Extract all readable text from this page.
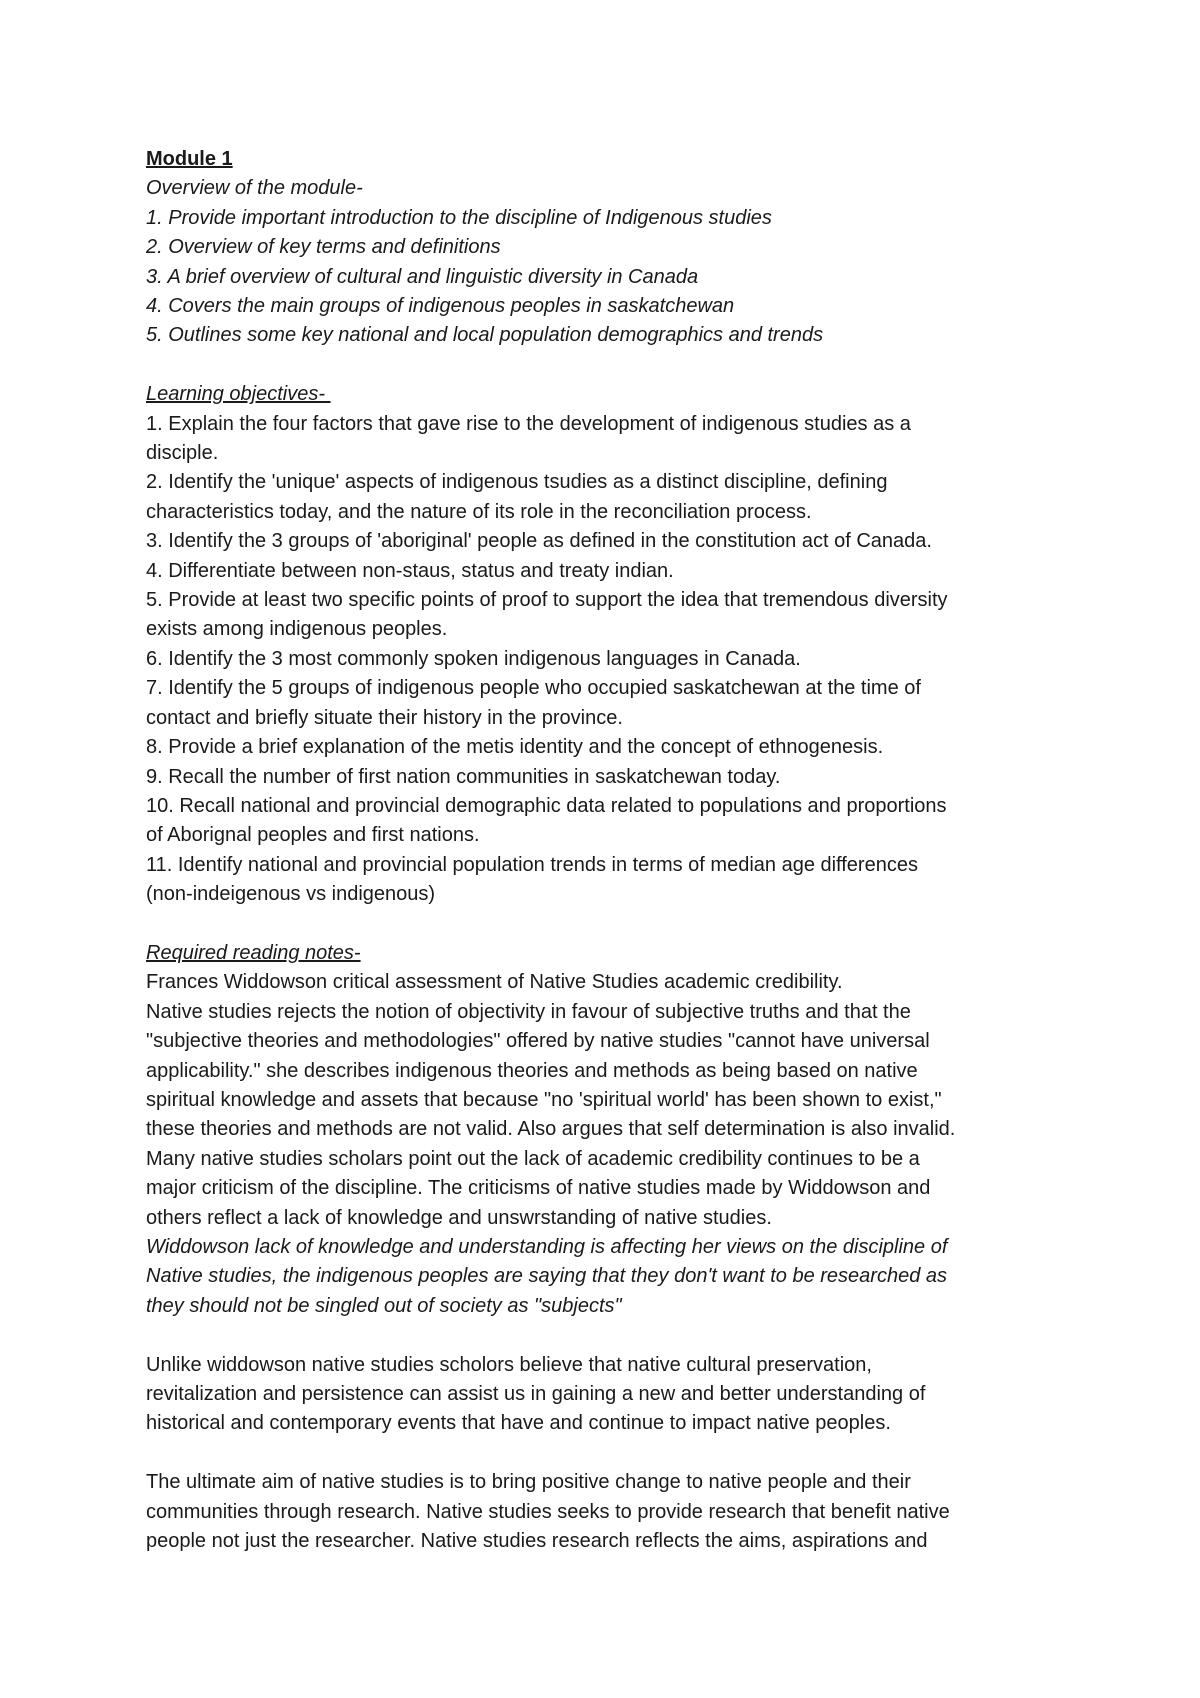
Module 1
Overview of the module-
1. Provide important introduction to the discipline of Indigenous studies
2. Overview of key terms and definitions
3. A brief overview of cultural and linguistic diversity in Canada
4. Covers the main groups of indigenous peoples in saskatchewan
5. Outlines some key national and local population demographics and trends
Learning objectives-
1. Explain the four factors that gave rise to the development of indigenous studies as a
disciple.
2. Identify the 'unique' aspects of indigenous tsudies as a distinct discipline, defining
characteristics today, and the nature of its role in the reconciliation process.
3. Identify the 3 groups of 'aboriginal' people as defined in the constitution act of Canada.
4. Differentiate between non-staus, status and treaty indian.
5. Provide at least two specific points of proof to support the idea that tremendous diversity
exists among indigenous peoples.
6. Identify the 3 most commonly spoken indigenous languages in Canada.
7. Identify the 5 groups of indigenous people who occupied saskatchewan at the time of
contact and briefly situate their history in the province.
8. Provide a brief explanation of the metis identity and the concept of ethnogenesis.
9. Recall the number of first nation communities in saskatchewan today.
10. Recall national and provincial demographic data related to populations and proportions
of Aborignal peoples and first nations.
11. Identify national and provincial population trends in terms of median age differences
(non-indeigenous vs indigenous)
Required reading notes-
Frances Widdowson critical assessment of Native Studies academic credibility.
Native studies rejects the notion of objectivity in favour of subjective truths and that the
"subjective theories and methodologies" offered by native studies "cannot have universal
applicability." she describes indigenous theories and methods as being based on native
spiritual knowledge and assets that because "no 'spiritual world' has been shown to exist,"
these theories and methods are not valid. Also argues that self determination is also invalid.
Many native studies scholars point out the lack of academic credibility continues to be a
major criticism of the discipline. The criticisms of native studies made by Widdowson and
others reflect a lack of knowledge and unswrstanding of native studies.
Widdowson lack of knowledge and understanding is affecting her views on the discipline of
Native studies, the indigenous peoples are saying that they don't want to be researched as
they should not be singled out of society as "subjects"
Unlike widdowson native studies scholors believe that native cultural preservation,
revitalization and persistence can assist us in gaining a new and better understanding of
historical and contemporary events that have and continue to impact native peoples.
The ultimate aim of native studies is to bring positive change to native people and their
communities through research. Native studies seeks to provide research that benefit native
people not just the researcher. Native studies research reflects the aims, aspirations and
